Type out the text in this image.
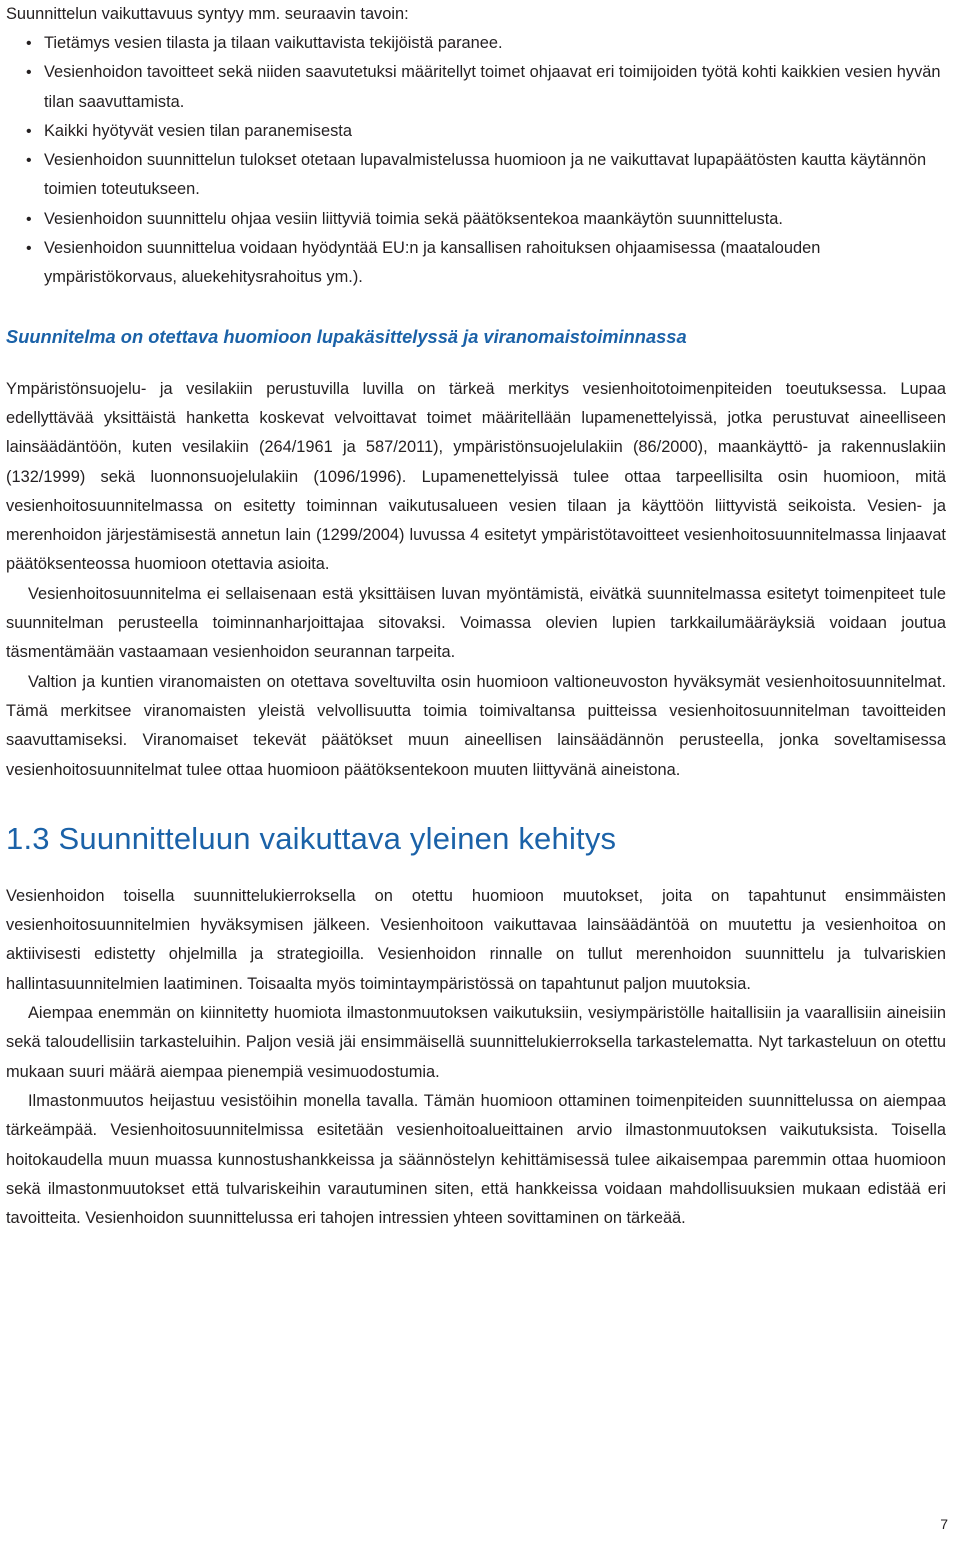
Suunnittelun vaikuttavuus syntyy mm. seuraavin tavoin:

• Tietämys vesien tilasta ja tilaan vaikuttavista tekijöistä paranee.
• Vesienhoidon tavoitteet sekä niiden saavutetuksi määritellyt toimet ohjaavat eri toimijoiden työtä kohti kaikkien vesien hyvän tilan saavuttamista.
• Kaikki hyötyvät vesien tilan paranemisesta
• Vesienhoidon suunnittelun tulokset otetaan lupavalmistelussa huomioon ja ne vaikuttavat lupapäätösten kautta käytännön toimien toteutukseen.
• Vesienhoidon suunnittelu ohjaa vesiin liittyviä toimia sekä päätöksentekoa maankäytön suunnittelusta.
• Vesienhoidon suunnittelua voidaan hyödyntää EU:n ja kansallisen rahoituksen ohjaamisessa (maatalouden ympäristökorvaus, aluekehitysrahoitus ym.).
Suunnitelma on otettava huomioon lupakäsittelyssä ja viranomaistoiminnassa

Ympäristönsuojelu- ja vesilakiin perustuvilla luvilla on tärkeä merkitys vesienhoitotoimenpiteiden toeutuksessa. Lupaa edellyttävää yksittäistä hanketta koskevat velvoittavat toimet määritellään lupamenettelyissä, jotka perustuvat aineelliseen lainsäädäntöön, kuten vesilakiin (264/1961 ja 587/2011), ympäristönsuojelulakiin (86/2000), maankäyttö- ja rakennuslakiin (132/1999) sekä luonnonsuojelulakiin (1096/1996). Lupamenettelyissä tulee ottaa tarpeellisilta osin huomioon, mitä vesienhoitosuunnitelmassa on esitetty toiminnan vaikutusalueen vesien tilaan ja käyttöön liittyvistä seikoista. Vesien- ja merenhoidon järjestämisestä annetun lain (1299/2004) luvussa 4 esitetyt ympäristötavoitteet vesienhoitosuunnitelmassa linjaavat päätöksenteossa huomioon otettavia asioita.

Vesienhoitosuunnitelma ei sellaisenaan estä yksittäisen luvan myöntämistä, eivätkä suunnitelmassa esitetyt toimenpiteet tule suunnitelman perusteella toiminnanharjoittajaa sitovaksi. Voimassa olevien lupien tarkkailumääräyksiä voidaan joutua täsmentämään vastaamaan vesienhoidon seurannan tarpeita.

Valtion ja kuntien viranomaisten on otettava soveltuvilta osin huomioon valtioneuvoston hyväksymät vesienhoitosuunnitelmat. Tämä merkitsee viranomaisten yleistä velvollisuutta toimia toimivaltansa puitteissa vesienhoitosuunnitelman tavoitteiden saavuttamiseksi. Viranomaiset tekevät päätökset muun aineellisen lainsäädännön perusteella, jonka soveltamisessa vesienhoitosuunnitelmat tulee ottaa huomioon päätöksentekoon muuten liittyvänä aineistona.

1.3 Suunnitteluun vaikuttava yleinen kehitys

Vesienhoidon toisella suunnittelukierroksella on otettu huomioon muutokset, joita on tapahtunut ensimmäisten vesienhoitosuunnitelmien hyväksymisen jälkeen. Vesienhoitoon vaikuttavaa lainsäädäntöä on muutettu ja vesienhoitoa on aktiivisesti edistetty ohjelmilla ja strategioilla. Vesienhoidon rinnalle on tullut merenhoidon suunnittelu ja tulvariskien hallintasuunnitelmien laatiminen. Toisaalta myös toimintaympäristössä on tapahtunut paljon muutoksia.

Aiempaa enemmän on kiinnitetty huomiota ilmastonmuutoksen vaikutuksiin, vesiympäristölle haitallisiin ja vaarallisiin aineisiin sekä taloudellisiin tarkasteluihin. Paljon vesiä jäi ensimmäisellä suunnittelukierroksella tarkastelematta. Nyt tarkasteluun on otettu mukaan suuri määrä aiempaa pienempiä vesimuodostumia.

Ilmastonmuutos heijastuu vesistöihin monella tavalla. Tämän huomioon ottaminen toimenpiteiden suunnittelussa on aiempaa tärkeämpää. Vesienhoitosuunnitelmissa esitetään vesienhoitoalueittainen arvio ilmastonmuutoksen vaikutuksista. Toisella hoitokaudella muun muassa kunnostushankkeissa ja säännöstelyn kehittämisessä tulee aikaisempaa paremmin ottaa huomioon sekä ilmastonmuutokset että tulvariskeihin varautuminen siten, että hankkeissa voidaan mahdollisuuksien mukaan edistää eri tavoitteita. Vesienhoidon suunnittelussa eri tahojen intressien yhteen sovittaminen on tärkeää.

7
